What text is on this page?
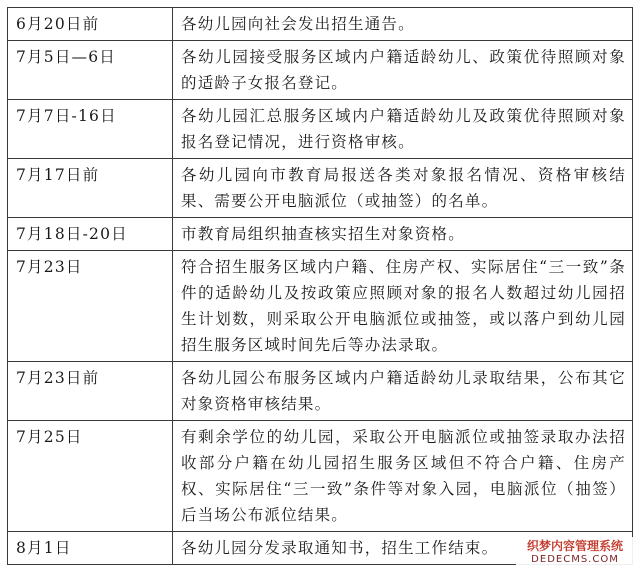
6月20日前	各幼儿园向社会发出招生通告。
7月5日—6日	各幼儿园接受服务区域内户籍适龄幼儿、政策优待照顾对象的适龄子女报名登记。
7月7日-16日	各幼儿园汇总服务区域内户籍适龄幼儿及政策优待照顾对象报名登记情况，进行资格审核。
7月17日前	各幼儿园向市教育局报送各类对象报名情况、资格审核结果、需要公开电脑派位（或抽签）的名单。
7月18日-20日	市教育局组织抽查核实招生对象资格。
7月23日	符合招生服务区域内户籍、住房产权、实际居住“三一致”条件的适龄幼儿及按政策应照顾对象的报名人数超过幼儿园招生计划数，则采取公开电脑派位或抽签，或以落户到幼儿园招生服务区域时间先后等办法录取。
7月23日前	各幼儿园公布服务区域内户籍适龄幼儿录取结果，公布其它对象资格审核结果。
7月25日	有剩余学位的幼儿园，采取公开电脑派位或抽签录取办法招收部分户籍在幼儿园招生服务区域但不符合户籍、住房产权、实际居住“三一致”条件等对象入园，电脑派位（抽签）后当场公布派位结果。
8月1日	各幼儿园分发录取通知书，招生工作结束。	织梦内容管理系统
DEDECMS.COM
